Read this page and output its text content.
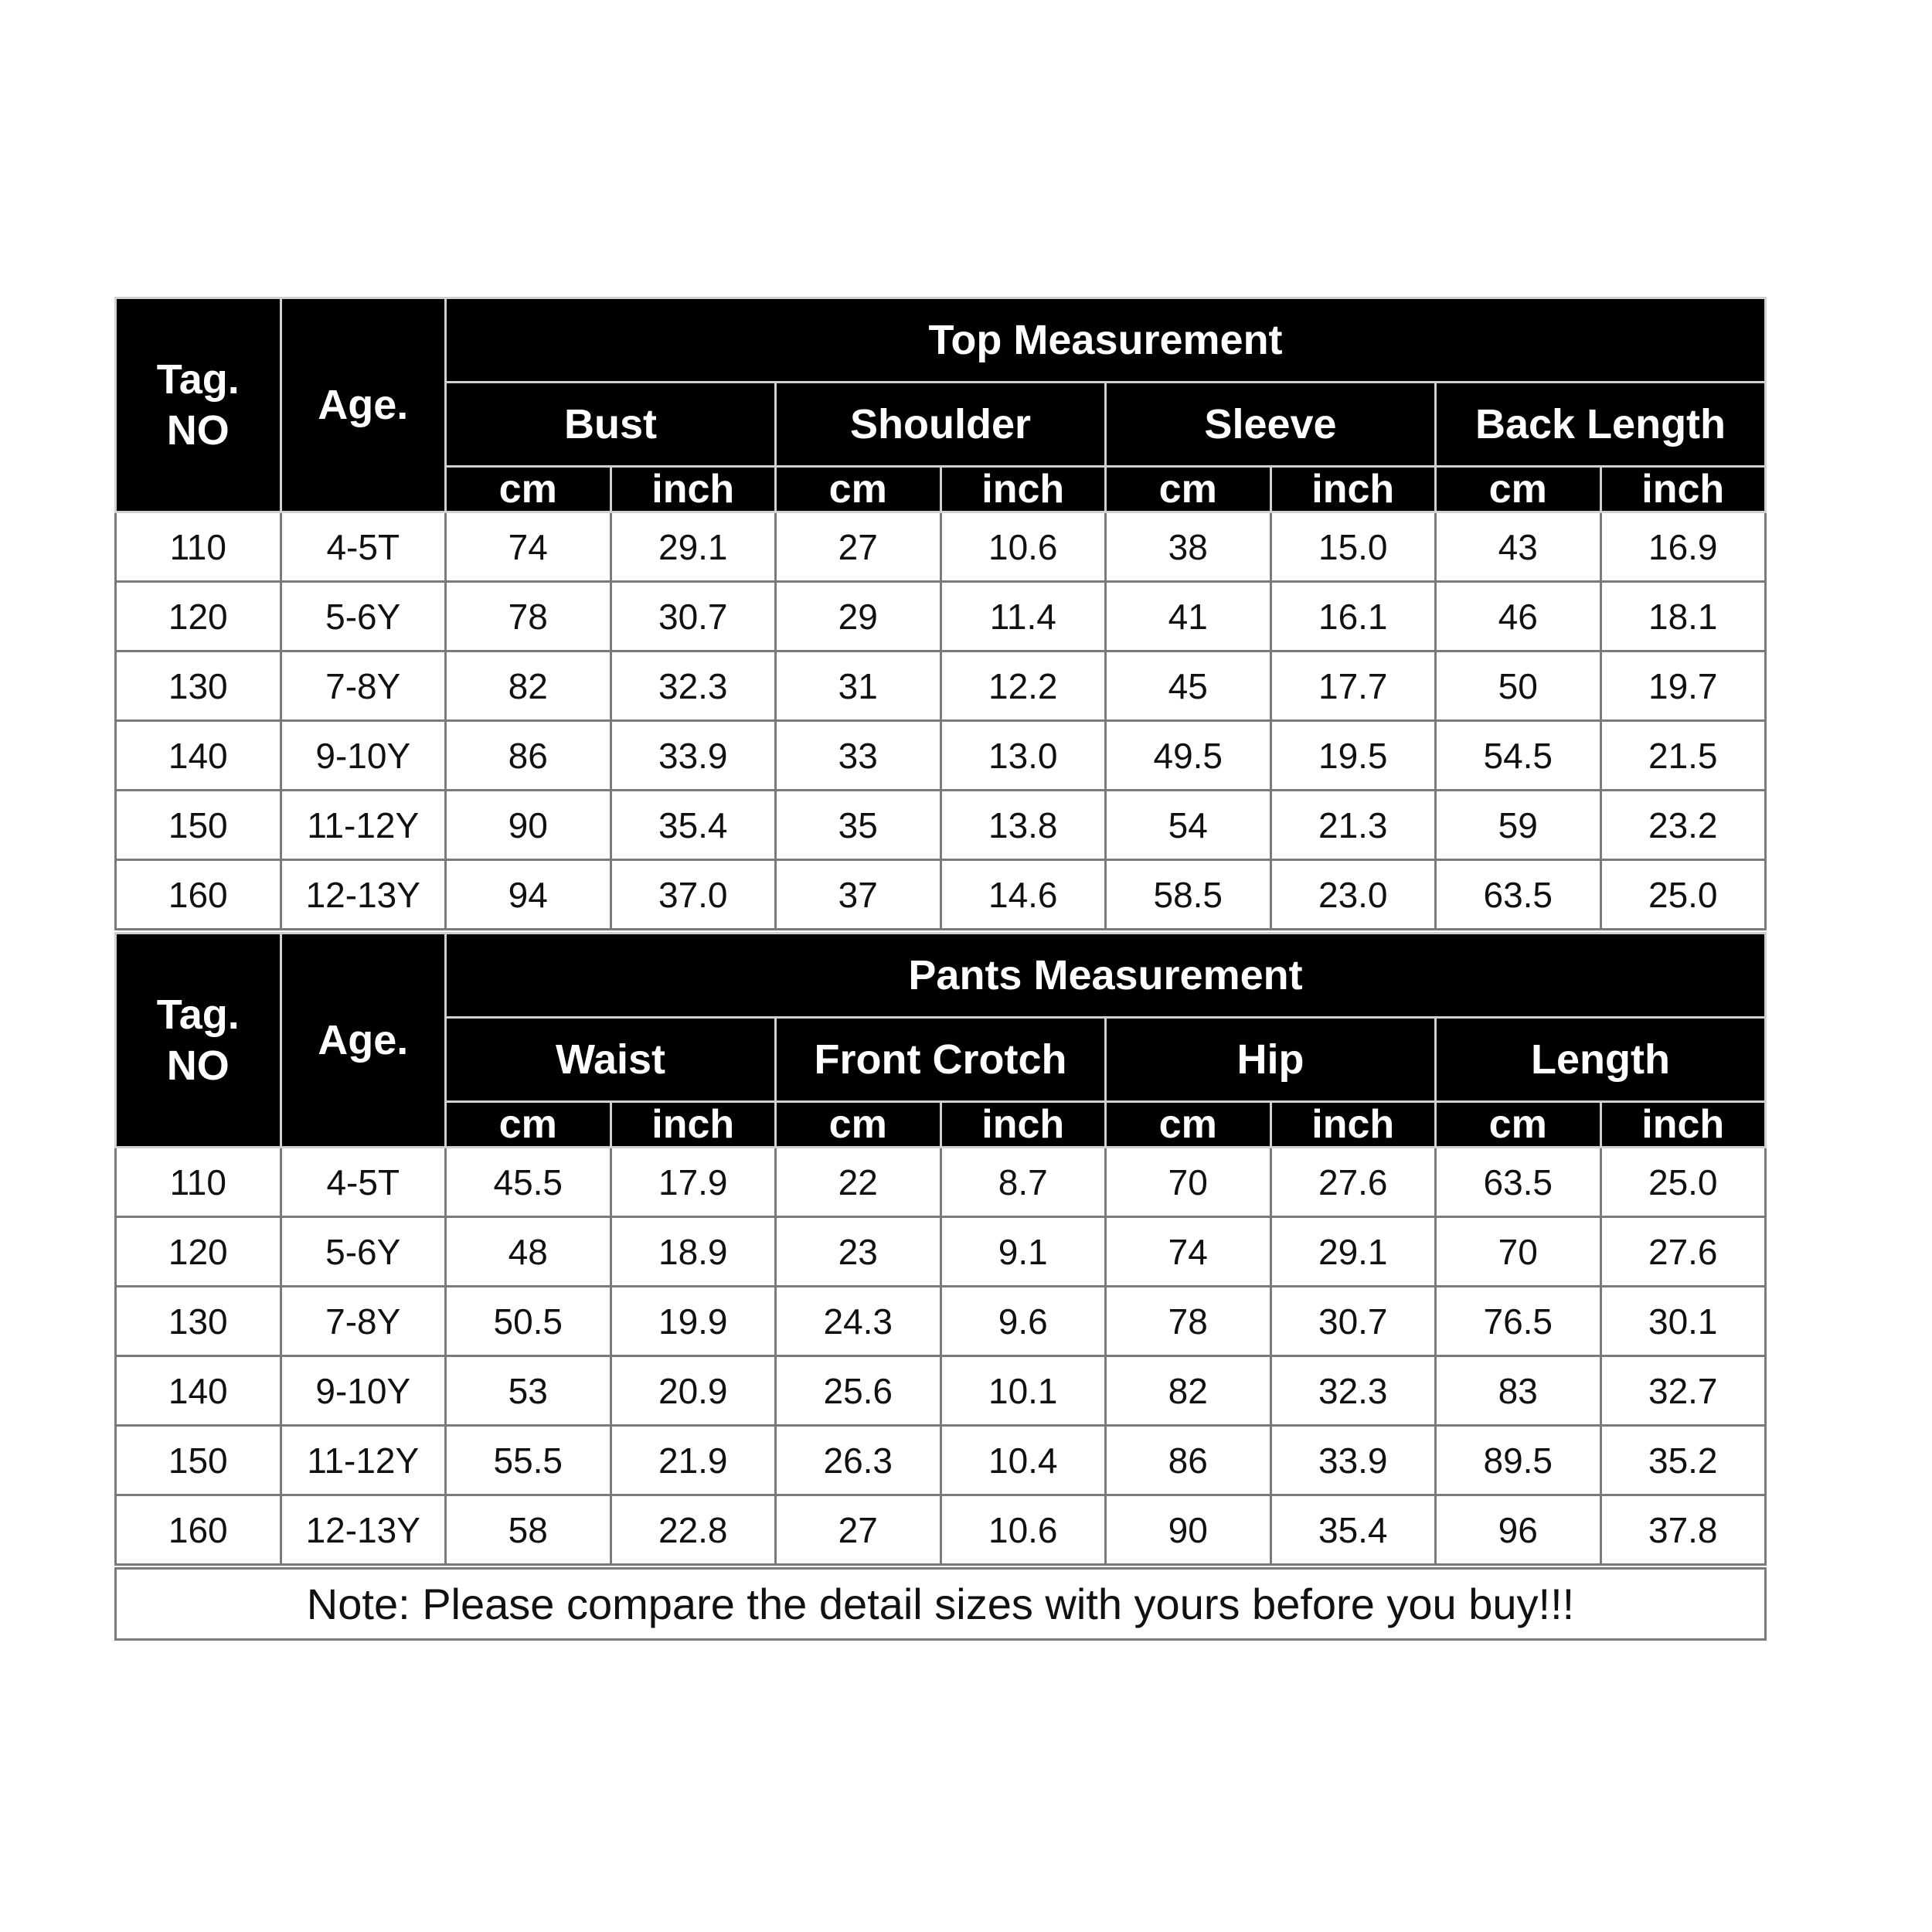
Tag.
NO	Age.	Top Measurement							
		Bust		Shoulder		Sleeve		Back Length	
		cm	inch	cm	inch	cm	inch	cm	inch
110	4-5T	74	29.1	27	10.6	38	15.0	43	16.9
120	5-6Y	78	30.7	29	11.4	41	16.1	46	18.1
130	7-8Y	82	32.3	31	12.2	45	17.7	50	19.7
140	9-10Y	86	33.9	33	13.0	49.5	19.5	54.5	21.5
150	11-12Y	90	35.4	35	13.8	54	21.3	59	23.2
160	12-13Y	94	37.0	37	14.6	58.5	23.0	63.5	25.0
Tag.
NO	Age.	Pants Measurement							
		Waist		Front Crotch		Hip		Length	
		cm	inch	cm	inch	cm	inch	cm	inch
110	4-5T	45.5	17.9	22	8.7	70	27.6	63.5	25.0
120	5-6Y	48	18.9	23	9.1	74	29.1	70	27.6
130	7-8Y	50.5	19.9	24.3	9.6	78	30.7	76.5	30.1
140	9-10Y	53	20.9	25.6	10.1	82	32.3	83	32.7
150	11-12Y	55.5	21.9	26.3	10.4	86	33.9	89.5	35.2
160	12-13Y	58	22.8	27	10.6	90	35.4	96	37.8
Note: Please compare the detail sizes with yours before you buy!!!
